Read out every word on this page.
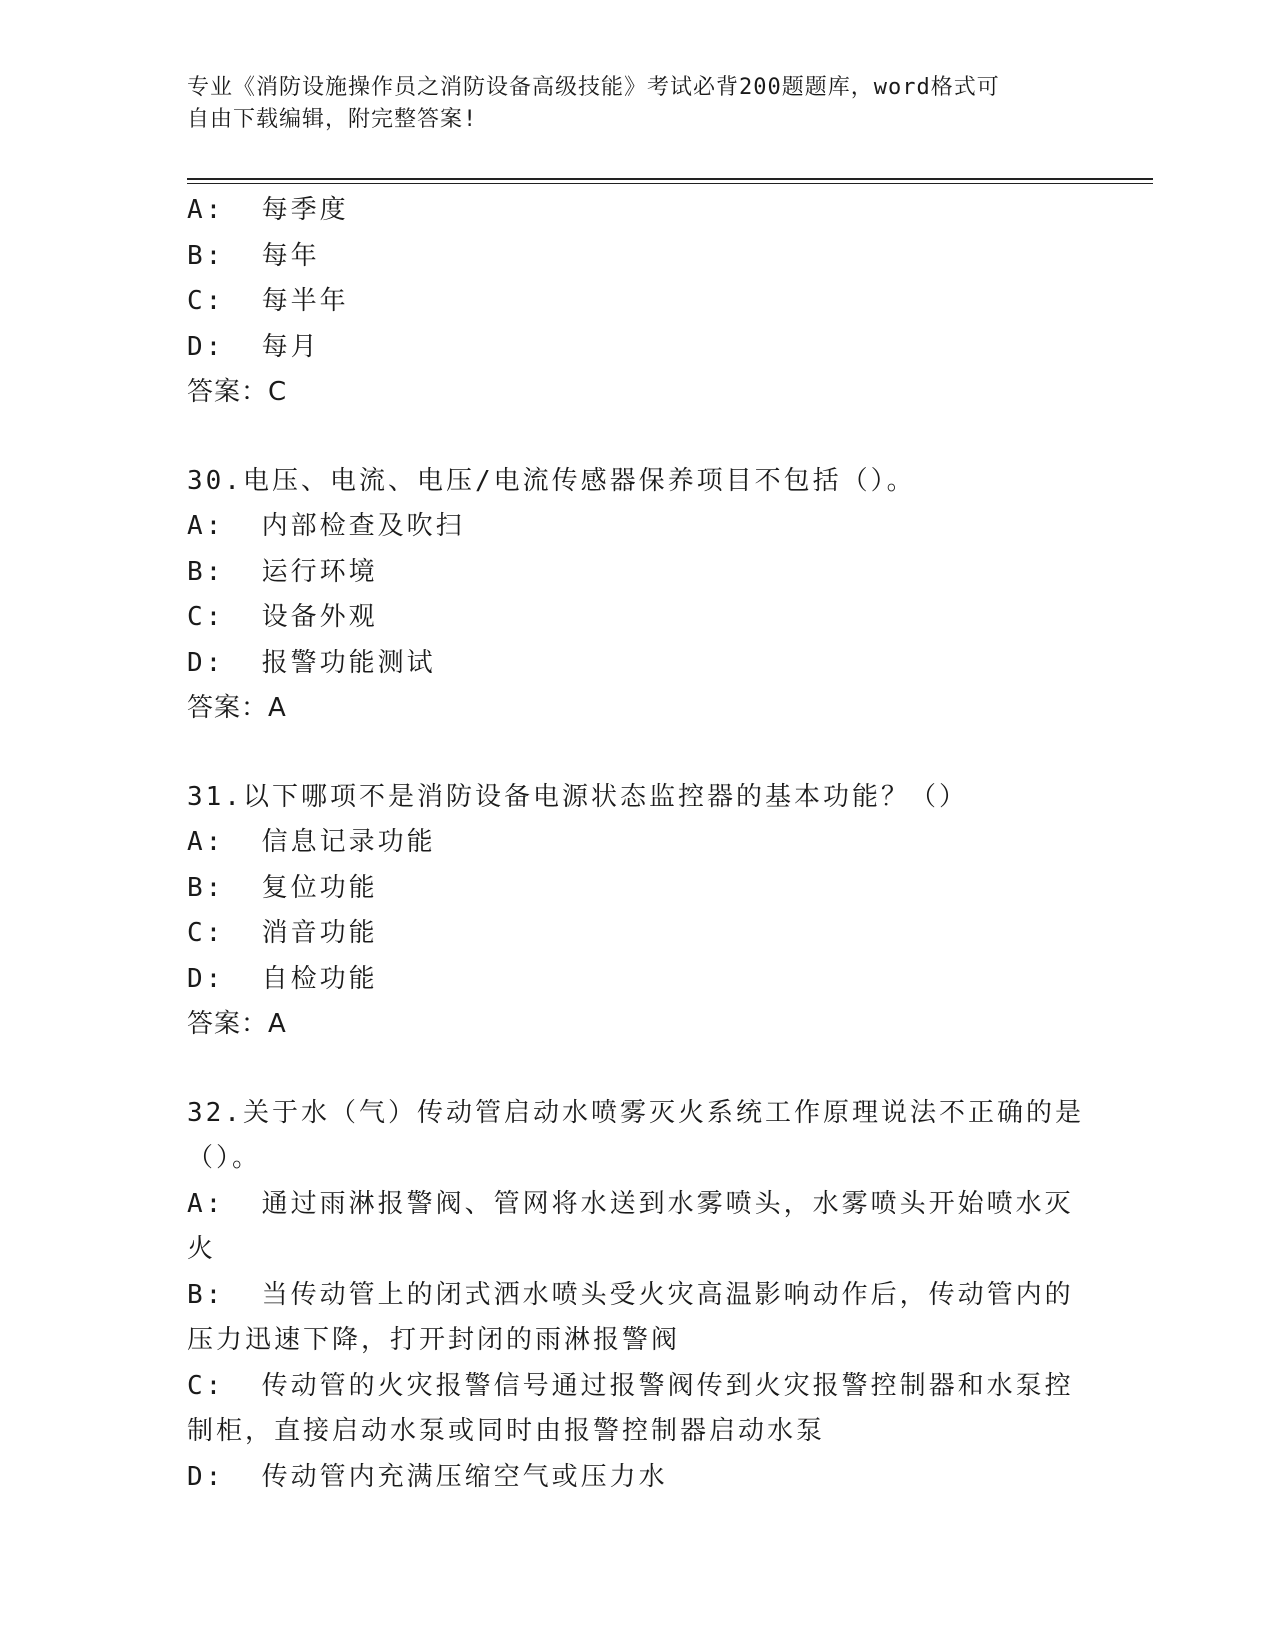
专业《消防设施操作员之消防设备高级技能》考试必背200题题库，word格式可
自由下载编辑，附完整答案!

A:  每季度

B:  每年

C:  每半年

D:  每月

答案：C

30.电压、电流、电压/电流传感器保养项目不包括（）。

A:  内部检查及吹扫

B:  运行环境

C:  设备外观

D:  报警功能测试

答案：A

31.以下哪项不是消防设备电源状态监控器的基本功能？（）

A:  信息记录功能

B:  复位功能

C:  消音功能

D:  自检功能

答案：A

32.关于水（气）传动管启动水喷雾灭火系统工作原理说法不正确的是（）。

A:  通过雨淋报警阀、管网将水送到水雾喷头，水雾喷头开始喷水灭火

B:  当传动管上的闭式洒水喷头受火灾高温影响动作后，传动管内的压力迅速下降，打开封闭的雨淋报警阀

C:  传动管的火灾报警信号通过报警阀传到火灾报警控制器和水泵控制柜，直接启动水泵或同时由报警控制器启动水泵

D:  传动管内充满压缩空气或压力水
